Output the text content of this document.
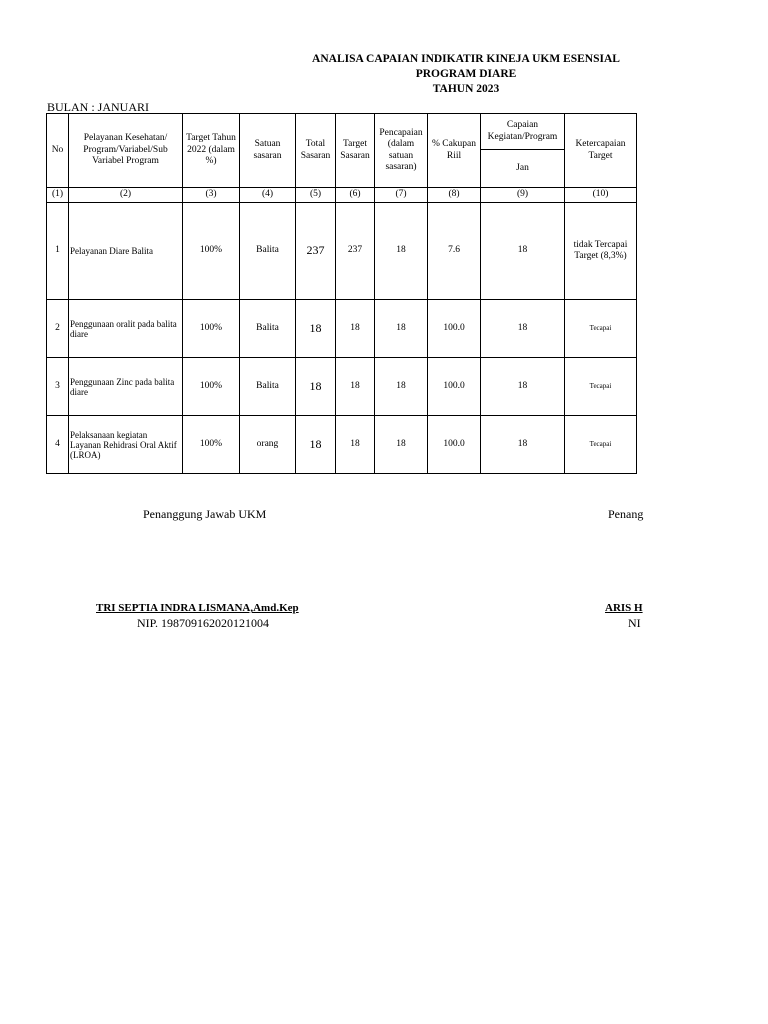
ANALISA CAPAIAN INDIKATIR KINEJA UKM ESENSIAL
PROGRAM DIARE
TAHUN 2023
BULAN : JANUARI
No	Pelayanan Kesehatan/ Program/Variabel/Sub Variabel Program	Target Tahun 2022 (dalam %)	Satuan sasaran	Total Sasaran	Target Sasaran	Pencapaian (dalam satuan sasaran)	% Cakupan Riil	Capaian Kegiatan/Program	Ketercapaian Target
								Jan	
(1)	(2)	(3)	(4)	(5)	(6)	(7)	(8)	(9)	(10)
1	Pelayanan Diare Balita	100%	Balita	237	237	18	7.6	18	tidak Tercapai Target (8,3%)
2	Penggunaan oralit pada balita diare	100%	Balita	18	18	18	100.0	18	Tecapai
3	Penggunaan Zinc pada balita diare	100%	Balita	18	18	18	100.0	18	Tecapai
4	Pelaksanaan kegiatan Layanan Rehidrasi Oral Aktif (LROA)	100%	orang	18	18	18	100.0	18	Tecapai
Penanggung Jawab UKM
TRI SEPTIA INDRA LISMANA,Amd.Kep
NIP. 198709162020121004
Penang
ARIS H
NI
